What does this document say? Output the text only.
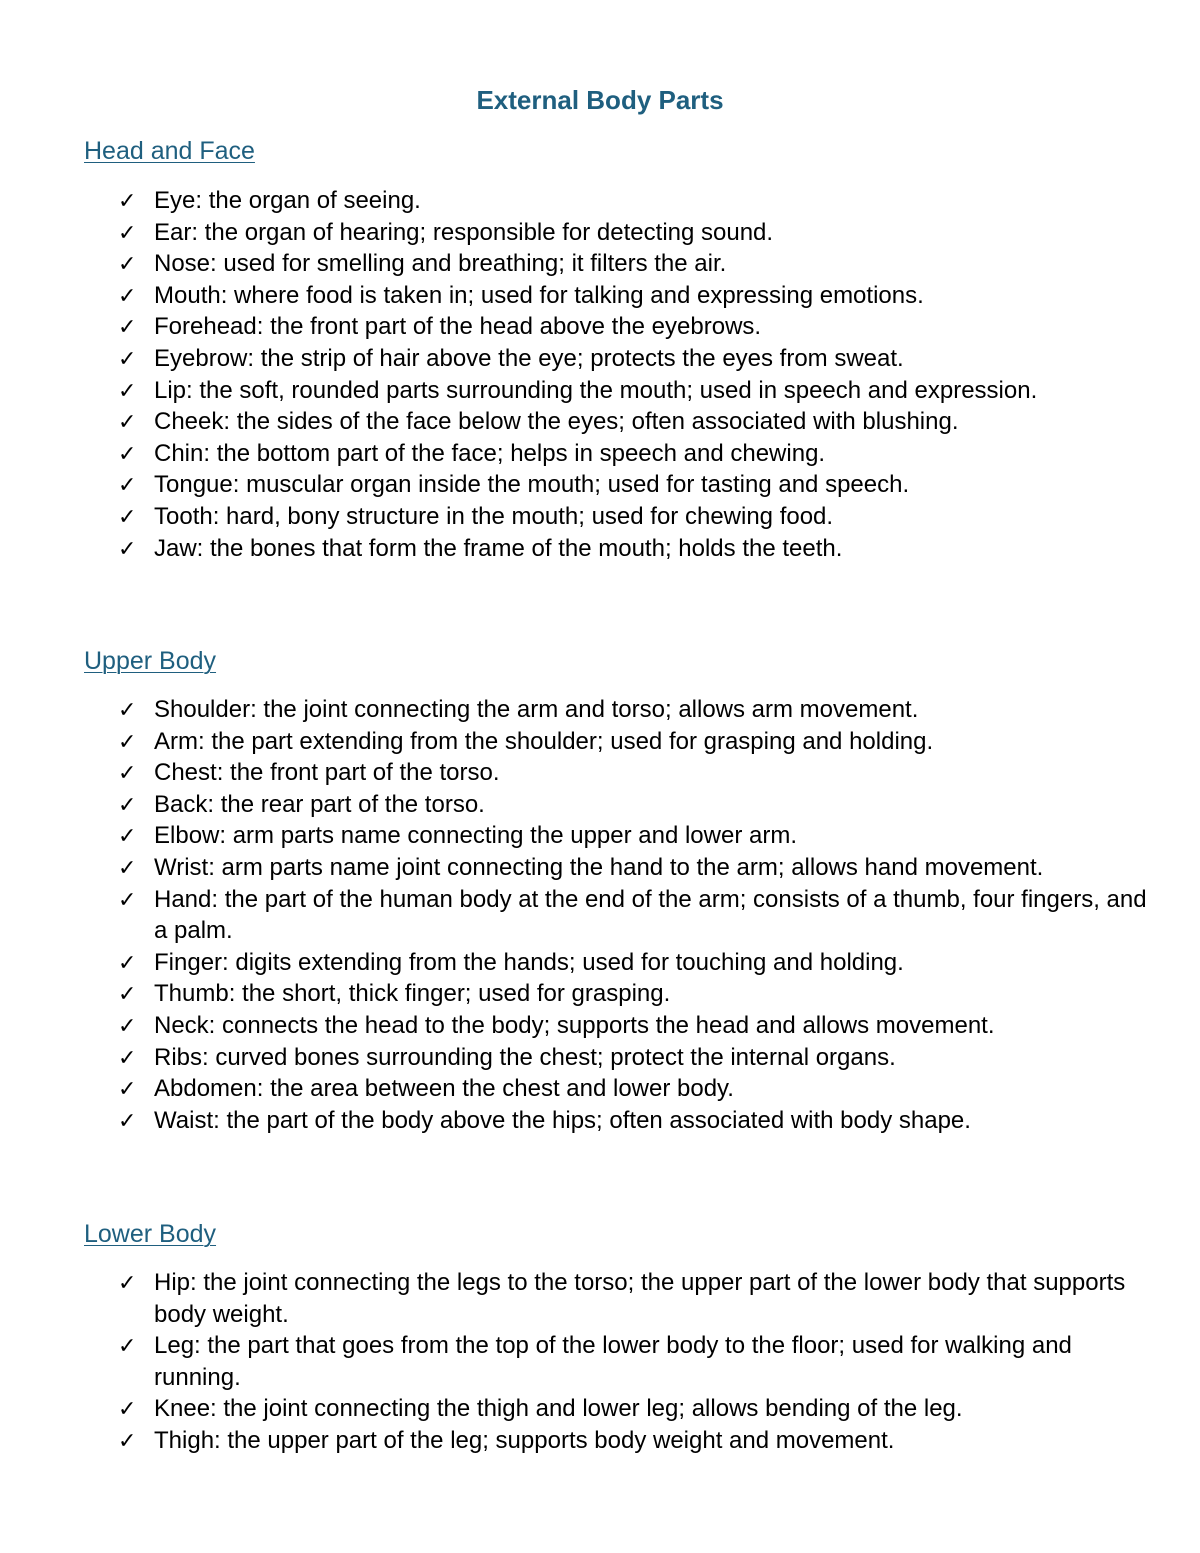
External Body Parts
Head and Face
✓ Eye: the organ of seeing.
✓ Ear: the organ of hearing; responsible for detecting sound.
✓ Nose: used for smelling and breathing; it filters the air.
✓ Mouth: where food is taken in; used for talking and expressing emotions.
✓ Forehead: the front part of the head above the eyebrows.
✓ Eyebrow: the strip of hair above the eye; protects the eyes from sweat.
✓ Lip: the soft, rounded parts surrounding the mouth; used in speech and expression.
✓ Cheek: the sides of the face below the eyes; often associated with blushing.
✓ Chin: the bottom part of the face; helps in speech and chewing.
✓ Tongue: muscular organ inside the mouth; used for tasting and speech.
✓ Tooth: hard, bony structure in the mouth; used for chewing food.
✓ Jaw: the bones that form the frame of the mouth; holds the teeth.
Upper Body
✓ Shoulder: the joint connecting the arm and torso; allows arm movement.
✓ Arm: the part extending from the shoulder; used for grasping and holding.
✓ Chest: the front part of the torso.
✓ Back: the rear part of the torso.
✓ Elbow: arm parts name connecting the upper and lower arm.
✓ Wrist: arm parts name joint connecting the hand to the arm; allows hand movement.
✓ Hand: the part of the human body at the end of the arm; consists of a thumb, four fingers, and a palm.
✓ Finger: digits extending from the hands; used for touching and holding.
✓ Thumb: the short, thick finger; used for grasping.
✓ Neck: connects the head to the body; supports the head and allows movement.
✓ Ribs: curved bones surrounding the chest; protect the internal organs.
✓ Abdomen: the area between the chest and lower body.
✓ Waist: the part of the body above the hips; often associated with body shape.
Lower Body
✓ Hip: the joint connecting the legs to the torso; the upper part of the lower body that supports body weight.
✓ Leg: the part that goes from the top of the lower body to the floor; used for walking and running.
✓ Knee: the joint connecting the thigh and lower leg; allows bending of the leg.
✓ Thigh: the upper part of the leg; supports body weight and movement.
